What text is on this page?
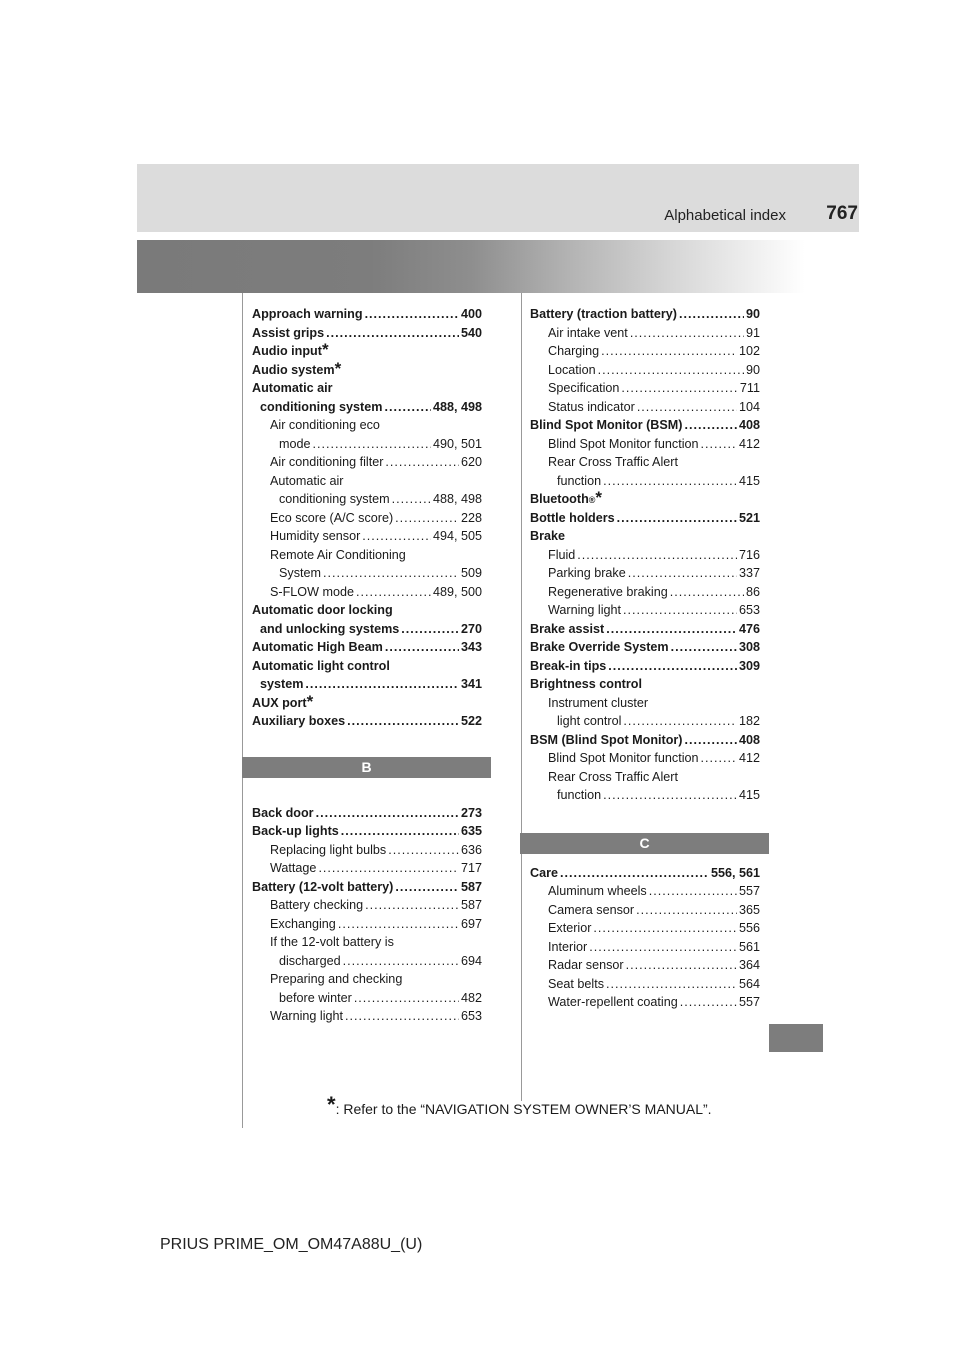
Alphabetical index 767
Approach warning .....	400
Assist grips .....	540
Audio input *
Audio system *
Automatic air
conditioning system .....	488, 498
Air conditioning eco
mode .....	490, 501
Air conditioning filter .....	620
Automatic air
conditioning system .....	488, 498
Eco score (A/C score) .....	228
Humidity sensor .....	494, 505
Remote Air Conditioning
System .....	509
S-FLOW mode .....	489, 500
Automatic door locking
and unlocking systems .....	270
Automatic High Beam .....	343
Automatic light control
system .....	341
AUX port *
Auxiliary boxes .....	522
B
Back door .....	273
Back-up lights .....	635
Replacing light bulbs .....	636
Wattage .....	717
Battery (12-volt battery) .....	587
Battery checking .....	587
Exchanging .....	697
If the 12-volt battery is
discharged .....	694
Preparing and checking
before winter .....	482
Warning light .....	653
Battery (traction battery) .....	90
Air intake vent .....	91
Charging .....	102
Location .....	90
Specification .....	711
Status indicator .....	104
Blind Spot Monitor (BSM) .....	408
Blind Spot Monitor function .....	412
Rear Cross Traffic Alert
function .....	415
Bluetooth ® *
Bottle holders .....	521
Brake
Fluid .....	716
Parking brake .....	337
Regenerative braking .....	86
Warning light .....	653
Brake assist .....	476
Brake Override System .....	308
Break-in tips .....	309
Brightness control
Instrument cluster
light control .....	182
BSM (Blind Spot Monitor) .....	408
Blind Spot Monitor function .....	412
Rear Cross Traffic Alert
function .....	415
C
Care .....	556, 561
Aluminum wheels .....	557
Camera sensor .....	365
Exterior .....	556
Interior .....	561
Radar sensor .....	364
Seat belts .....	564
Water-repellent coating .....	557
*: Refer to the “NAVIGATION SYSTEM OWNER’S MANUAL”.
PRIUS PRIME_OM_OM47A88U_(U)
